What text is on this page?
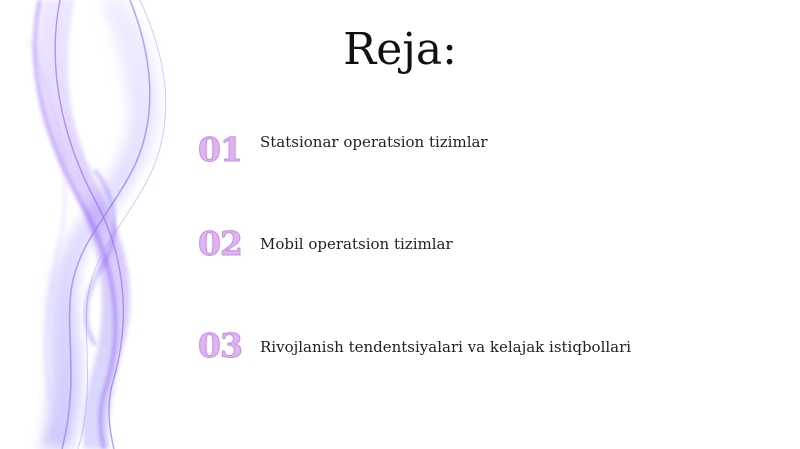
Reja:
01 Statsionar operatsion tizimlar
02 Mobil operatsion tizimlar
03 Rivojlanish tendentsiyalari va kelajak istiqbollari
